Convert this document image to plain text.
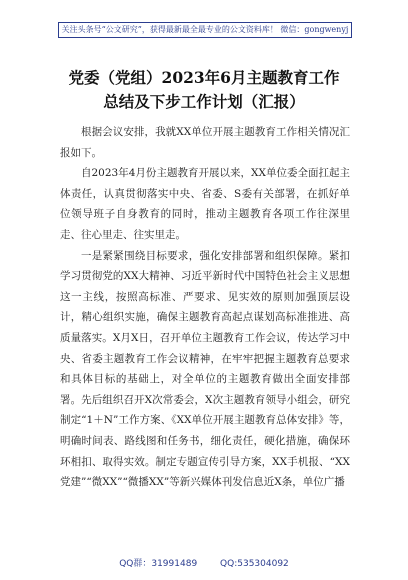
关注头条号“公文研究”，获得最新最全最专业的公文资料库！ 微信：gongwenyj
党委（党组）2023年6月主题教育工作
总结及下步工作计划（汇报）

根据会议安排，我就XX单位开展主题教育工作相关情况汇报如下。

自2023年4月份主题教育开展以来，XX单位委全面扛起主体责任，认真贯彻落实中央、省委、S委有关部署，在抓好单位领导班子自身教育的同时，推动主题教育各项工作往深里走、往心里走、往实里走。

一是紧紧围绕目标要求，强化安排部署和组织保障。紧扣学习贯彻党的XX大精神、习近平新时代中国特色社会主义思想这一主线，按照高标准、严要求、见实效的原则加强顶层设计，精心组织实施，确保主题教育高起点谋划高标准推进、高质量落实。X月X日，召开单位主题教育工作会议，传达学习中央、省委主题教育工作会议精神，在牢牢把握主题教育总要求和具体目标的基础上，对全单位的主题教育做出全面安排部署。先后组织召开X次常委会，X次主题教育领导小组会，研究制定“1＋N”工作方案、《XX单位开展主题教育总体安排》等，明确时间表、路线图和任务书，细化责任，硬化措施，确保环环相扣、取得实效。制定专题宣传引导方案，XX手机报、“XX党建”“微XX”“微播XX”等新兴媒体刊发信息近X条，单位广播

QQ群：31991489	QQ:535304092
